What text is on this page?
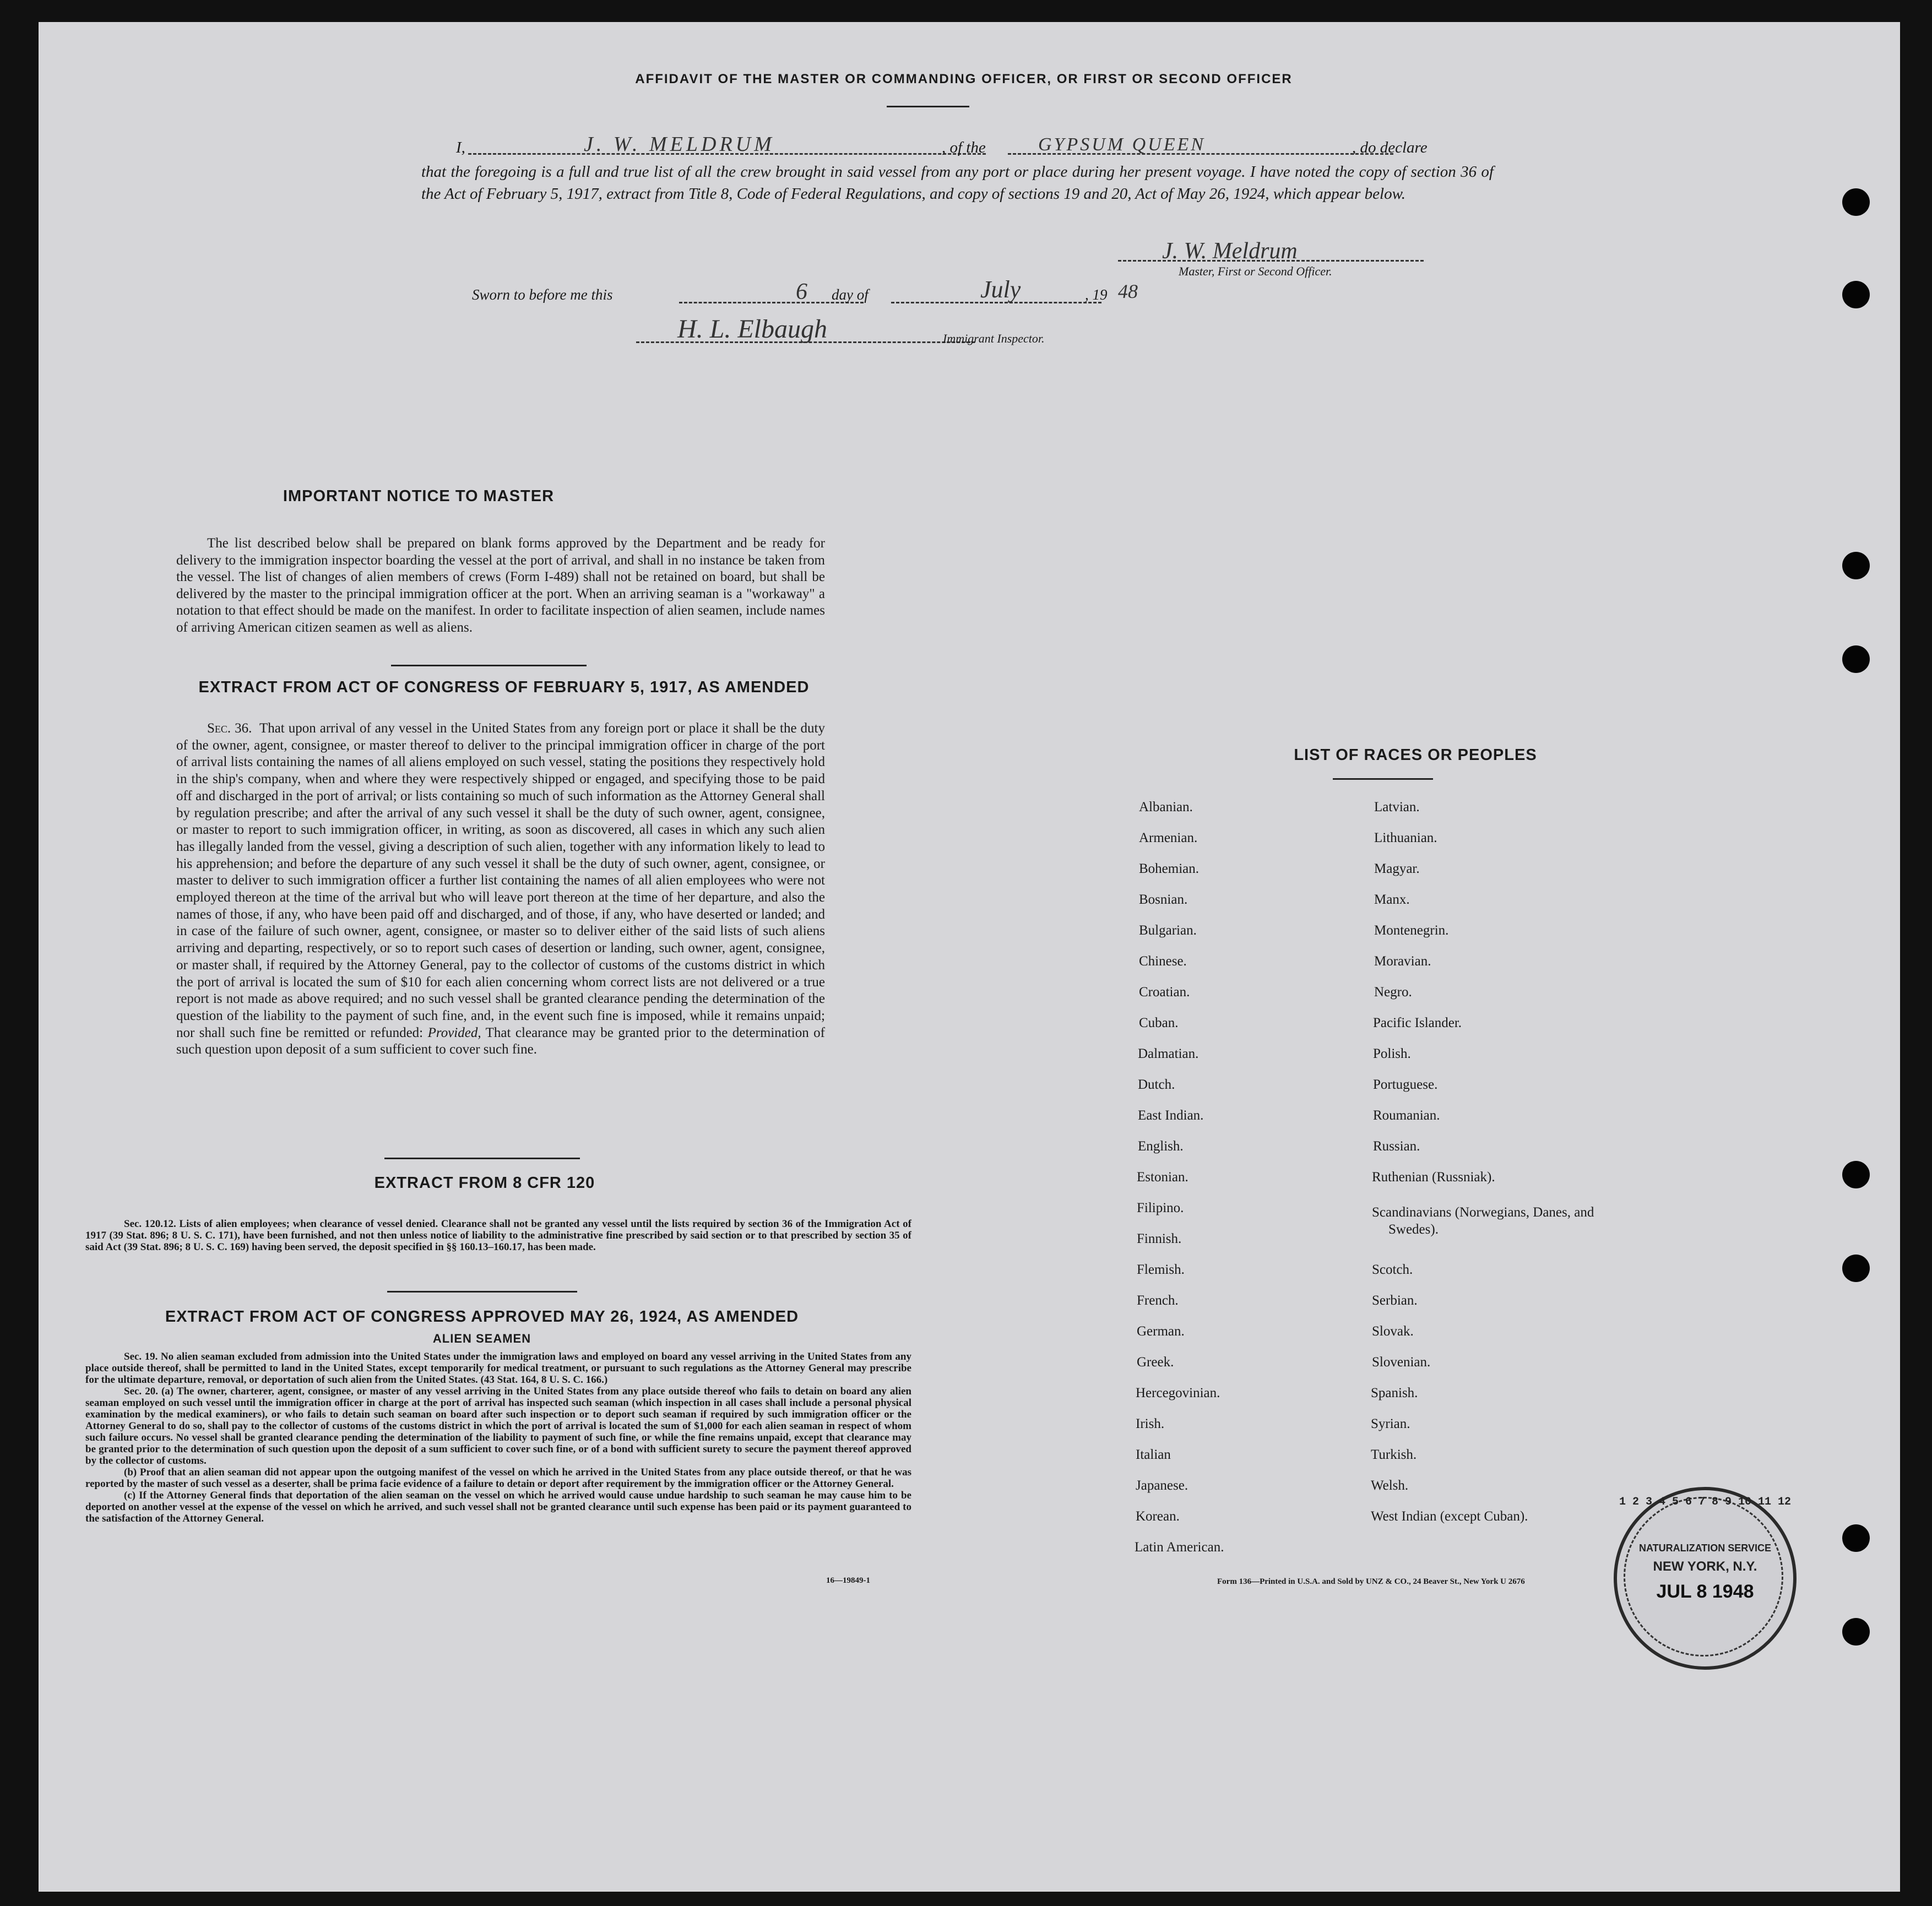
AFFIDAVIT OF THE MASTER OR COMMANDING OFFICER, OR FIRST OR SECOND OFFICER
I,	J. W. MELDRUM	, of the	GYPSUM QUEEN	, do declare
that the foregoing is a full and true list of all the crew brought in said vessel from any port or place during her present voyage. I have noted the copy of section 36 of the Act of February 5, 1917, extract from Title 8, Code of Federal Regulations, and copy of sections 19 and 20, Act of May 26, 1924, which appear below.
J. W. Meldrum
Master, First or Second Officer.
Sworn to before me this	6 day of	July	, 19 48
H. L. Elbaugh	Immigrant Inspector.
IMPORTANT NOTICE TO MASTER
The list described below shall be prepared on blank forms approved by the Department and be ready for delivery to the immigration inspector boarding the vessel at the port of arrival, and shall in no instance be taken from the vessel. The list of changes of alien members of crews (Form I-489) shall not be retained on board, but shall be delivered by the master to the principal immigration officer at the port. When an arriving seaman is a "workaway" a notation to that effect should be made on the manifest. In order to facilitate inspection of alien seamen, include names of arriving American citizen seamen as well as aliens.
EXTRACT FROM ACT OF CONGRESS OF FEBRUARY 5, 1917, AS AMENDED
Sec. 36. That upon arrival of any vessel in the United States from any foreign port or place it shall be the duty of the owner, agent, consignee, or master thereof to deliver to the principal immigration officer in charge of the port of arrival lists containing the names of all aliens employed on such vessel, stating the positions they respectively hold in the ship's company, when and where they were respectively shipped or engaged, and specifying those to be paid off and discharged in the port of arrival; or lists containing so much of such information as the Attorney General shall by regulation prescribe; and after the arrival of any such vessel it shall be the duty of such owner, agent, consignee, or master to report to such immigration officer, in writing, as soon as discovered, all cases in which any such alien has illegally landed from the vessel, giving a description of such alien, together with any information likely to lead to his apprehension; and before the departure of any such vessel it shall be the duty of such owner, agent, consignee, or master to deliver to such immigration officer a further list containing the names of all alien employees who were not employed thereon at the time of the arrival but who will leave port thereon at the time of her departure, and also the names of those, if any, who have been paid off and discharged, and of those, if any, who have deserted or landed; and in case of the failure of such owner, agent, consignee, or master so to deliver either of the said lists of such aliens arriving and departing, respectively, or so to report such cases of desertion or landing, such owner, agent, consignee, or master shall, if required by the Attorney General, pay to the collector of customs of the customs district in which the port of arrival is located the sum of $10 for each alien concerning whom correct lists are not delivered or a true report is not made as above required; and no such vessel shall be granted clearance pending the determination of the question of the liability to the payment of such fine, and, in the event such fine is imposed, while it remains unpaid; nor shall such fine be remitted or refunded: Provided, That clearance may be granted prior to the determination of such question upon deposit of a sum sufficient to cover such fine.
EXTRACT FROM 8 CFR 120
Sec. 120.12. Lists of alien employees; when clearance of vessel denied. Clearance shall not be granted any vessel until the lists required by section 36 of the Immigration Act of 1917 (39 Stat. 896; 8 U. S. C. 171), have been furnished, and not then unless notice of liability to the administrative fine prescribed by said section or to that prescribed by section 35 of said Act (39 Stat. 896; 8 U. S. C. 169) having been served, the deposit specified in §§ 160.13–160.17, has been made.
EXTRACT FROM ACT OF CONGRESS APPROVED MAY 26, 1924, AS AMENDED
ALIEN SEAMEN
Sec. 19. No alien seaman excluded from admission into the United States under the immigration laws and employed on board any vessel arriving in the United States from any place outside thereof, shall be permitted to land in the United States, except temporarily for medical treatment, or pursuant to such regulations as the Attorney General may prescribe for the ultimate departure, removal, or deportation of such alien from the United States. (43 Stat. 164, 8 U. S. C. 166.)
Sec. 20. (a) The owner, charterer, agent, consignee, or master of any vessel arriving in the United States from any place outside thereof who fails to detain on board any alien seaman employed on such vessel until the immigration officer in charge at the port of arrival has inspected such seaman (which inspection in all cases shall include a personal physical examination by the medical examiners), or who fails to detain such seaman on board after such inspection or to deport such seaman if required by such immigration officer or the Attorney General to do so, shall pay to the collector of customs of the customs district in which the port of arrival is located the sum of $1,000 for each alien seaman in respect of whom such failure occurs. No vessel shall be granted clearance pending the determination of the liability to payment of such fine, or while the fine remains unpaid, except that clearance may be granted prior to the determination of such question upon the deposit of a sum sufficient to cover such fine, or of a bond with sufficient surety to secure the payment thereof approved by the collector of customs.
(b) Proof that an alien seaman did not appear upon the outgoing manifest of the vessel on which he arrived in the United States from any place outside thereof, or that he was reported by the master of such vessel as a deserter, shall be prima facie evidence of a failure to detain or deport after requirement by the immigration officer or the Attorney General.
(c) If the Attorney General finds that deportation of the alien seaman on the vessel on which he arrived would cause undue hardship to such seaman he may cause him to be deported on another vessel at the expense of the vessel on which he arrived, and such vessel shall not be granted clearance until such expense has been paid or its payment guaranteed to the satisfaction of the Attorney General.
16—19849-1
LIST OF RACES OR PEOPLES
Albanian.
Armenian.
Bohemian.
Bosnian.
Bulgarian.
Chinese.
Croatian.
Cuban.
Dalmatian.
Dutch.
East Indian.
English.
Estonian.
Filipino.
Finnish.
Flemish.
French.
German.
Greek.
Hercegovinian.
Irish.
Italian
Japanese.
Korean.
Latin American.
Latvian.
Lithuanian.
Magyar.
Manx.
Montenegrin.
Moravian.
Negro.
Pacific Islander.
Polish.
Portuguese.
Roumanian.
Russian.
Ruthenian (Russniak).
Scandinavians (Norwegians, Danes, and Swedes).
Scotch.
Serbian.
Slovak.
Slovenian.
Spanish.
Syrian.
Turkish.
Welsh.
West Indian (except Cuban).
Form 136—Printed in U.S.A. and Sold by UNZ & CO., 24 Beaver St., New York U 2676
1 2 3 4 5 6 7 8 9 10 11 12
NATURALIZATION SERVICE
NEW YORK, N.Y.
JUL 8 1948
